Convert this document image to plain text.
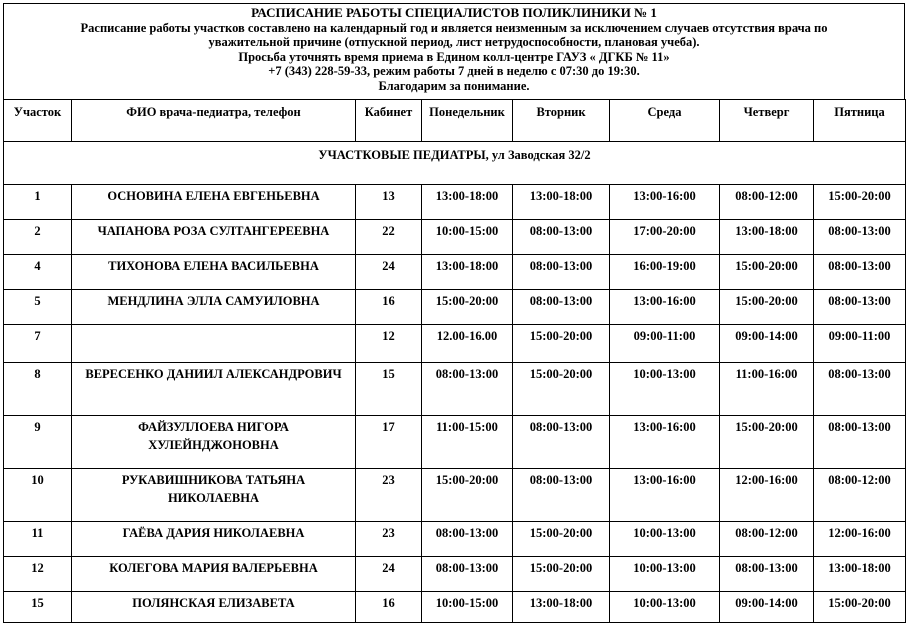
РАСПИСАНИЕ РАБОТЫ СПЕЦИАЛИСТОВ ПОЛИКЛИНИКИ № 1
Расписание работы участков составлено на календарный год и является неизменным за исключением случаев отсутствия врача по
уважительной причине (отпускной период, лист нетрудоспособности, плановая учеба).
Просьба уточнять время приема в Едином колл-центре ГАУЗ « ДГКБ № 11»
+7 (343) 228-59-33, режим работы 7 дней в неделю с 07:30 до 19:30.
Благодарим за понимание.
Участок	ФИО врача-педиатра, телефон	Кабинет	Понедельник	Вторник	Среда	Четверг	Пятница
УЧАСТКОВЫЕ ПЕДИАТРЫ, ул Заводская 32/2							
1	ОСНОВИНА ЕЛЕНА ЕВГЕНЬЕВНА	13	13:00-18:00	13:00-18:00	13:00-16:00	08:00-12:00	15:00-20:00
2	ЧАПАНОВА РОЗА СУЛТАНГЕРЕЕВНА	22	10:00-15:00	08:00-13:00	17:00-20:00	13:00-18:00	08:00-13:00
4	ТИХОНОВА ЕЛЕНА ВАСИЛЬЕВНА	24	13:00-18:00	08:00-13:00	16:00-19:00	15:00-20:00	08:00-13:00
5	МЕНДЛИНА ЭЛЛА САМУИЛОВНА	16	15:00-20:00	08:00-13:00	13:00-16:00	15:00-20:00	08:00-13:00
7		12	12.00-16.00	15:00-20:00	09:00-11:00	09:00-14:00	09:00-11:00
8	ВЕРЕСЕНКО ДАНИИЛ АЛЕКСАНДРОВИЧ	15	08:00-13:00	15:00-20:00	10:00-13:00	11:00-16:00	08:00-13:00
9	ФАЙЗУЛЛОЕВА НИГОРА ХУЛЕЙНДЖОНОВНА	17	11:00-15:00	08:00-13:00	13:00-16:00	15:00-20:00	08:00-13:00
10	РУКАВИШНИКОВА ТАТЬЯНА НИКОЛАЕВНА	23	15:00-20:00	08:00-13:00	13:00-16:00	12:00-16:00	08:00-12:00
11	ГАЁВА ДАРИЯ НИКОЛАЕВНА	23	08:00-13:00	15:00-20:00	10:00-13:00	08:00-12:00	12:00-16:00
12	КОЛЕГОВА МАРИЯ ВАЛЕРЬЕВНА	24	08:00-13:00	15:00-20:00	10:00-13:00	08:00-13:00	13:00-18:00
15	ПОЛЯНСКАЯ ЕЛИЗАВЕТА	16	10:00-15:00	13:00-18:00	10:00-13:00	09:00-14:00	15:00-20:00
